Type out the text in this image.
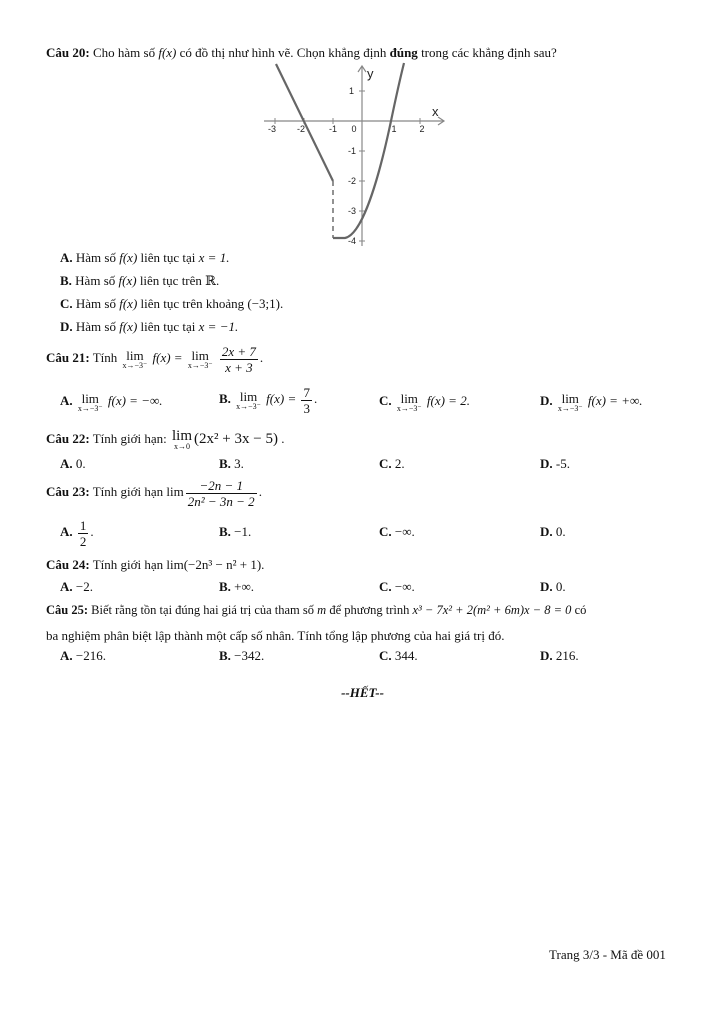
Câu 20: Cho hàm số f(x) có đồ thị như hình vẽ. Chọn khẳng định đúng trong các khẳng định sau?
x
y
-3 -2	-1 0	1	2
1
-1
-2
-3
-4
A. Hàm số f(x) liên tục tại x = 1.
B. Hàm số f(x) liên tục trên ℝ.
C. Hàm số f(x) liên tục trên khoảng (−3;1).
D. Hàm số f(x) liên tục tại x = −1.
Câu 21: Tính lim
x→−3⁻
f(x) = lim
x→−3⁻
$\frac{2x + 7}{x + 3}$ .
A. lim
x→−3⁻
f(x) = −∞.	B. lim
x→−3⁻
$f(x) = \frac{7}{3}$ .	C. lim
x→−3⁻
f(x) = 2.	D. lim
x→−3⁻
f(x) = +∞.
Câu 22: Tính giới hạn: lim
x→0 (2x² + 3x − 5) .
A. 0.	B. 3.	C. 2.	D. -5.
Câu 23: Tính giới hạn $\lim \frac{-2n - 1}{\text{2n² − 3n − 2}}$ .
A. $\frac{1}{2}$ .	B. −1.	C. −∞.	D. 0.
Câu 24: Tính giới hạn lim(−2n³ − n² + 1).
A. −2.	B. +∞.	C. −∞.	D. 0.
Câu 25: Biết rằng tồn tại đúng hai giá trị của tham số m để phương trình x³ − 7x² + 2(m² + 6m)x − 8 = 0 có
ba nghiệm phân biệt lập thành một cấp số nhân. Tính tổng lập phương của hai giá trị đó.
A. −216.	B. −342.	C. 344.	D. 216.
--HẾT--
Trang 3/3 - Mã đề 001
